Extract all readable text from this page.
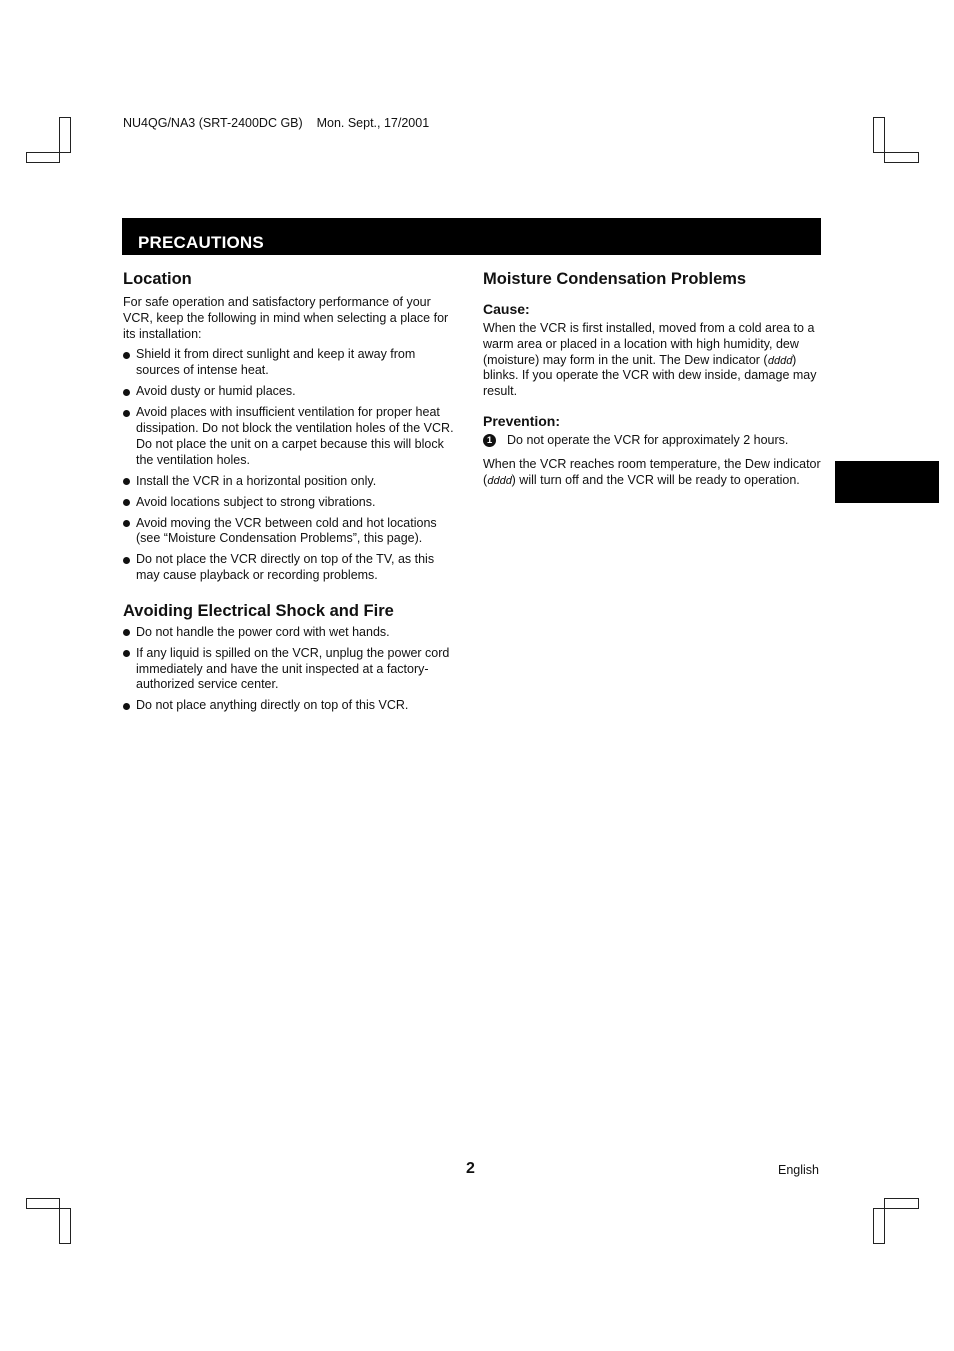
NU4QG/NA3 (SRT-2400DC GB)    Mon. Sept., 17/2001
PRECAUTIONS
Location

For safe operation and satisfactory performance of your VCR, keep the following in mind when selecting a place for its installation:

Shield it from direct sunlight and keep it away from sources of intense heat.
Avoid dusty or humid places.
Avoid places with insufficient ventilation for proper heat dissipation. Do not block the ventilation holes of the VCR. Do not place the unit on a carpet because this will block the ventilation holes.
Install the VCR in a horizontal position only.
Avoid locations subject to strong vibrations.
Avoid moving the VCR between cold and hot locations (see “Moisture Condensation Problems”, this page).
Do not place the VCR directly on top of the TV, as this may cause playback or recording problems.
Avoiding Electrical Shock and Fire
Do not handle the power cord with wet hands.
If any liquid is spilled on the VCR, unplug the power cord immediately and have the unit inspected at a factory-authorized service center.
Do not place anything directly on top of this VCR.
Moisture Condensation Problems
Cause:

When the VCR is first installed, moved from a cold area to a warm area or placed in a location with high humidity, dew (moisture) may form in the unit. The Dew indicator (dddd) blinks. If you operate the VCR with dew inside, damage may result.

Prevention:
1	Do not operate the VCR for approximately 2 hours.

When the VCR reaches room temperature, the Dew indicator (dddd) will turn off and the VCR will be ready to operation.

2	English
